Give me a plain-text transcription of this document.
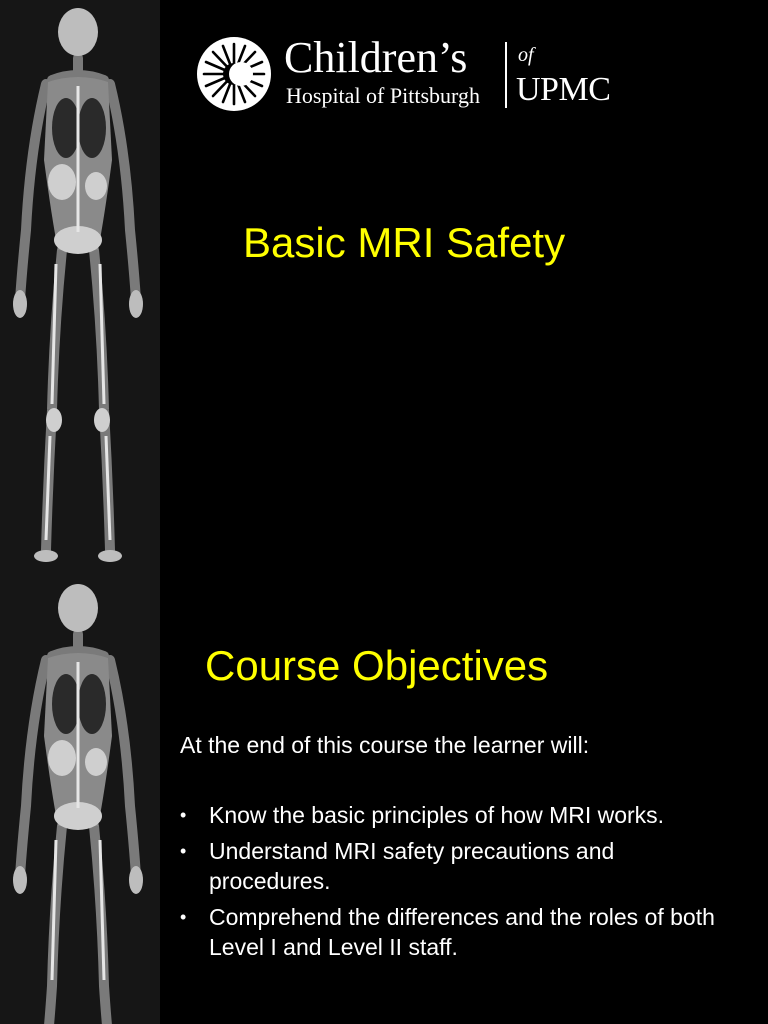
Children’s
Hospital of Pittsburgh
of
UPMC
Basic MRI Safety
Course Objectives
At the end of this course the learner will:
• Know the basic principles of how MRI works.
• Understand MRI safety precautions and procedures.
• Comprehend the differences and the roles of both Level I and Level II staff.
